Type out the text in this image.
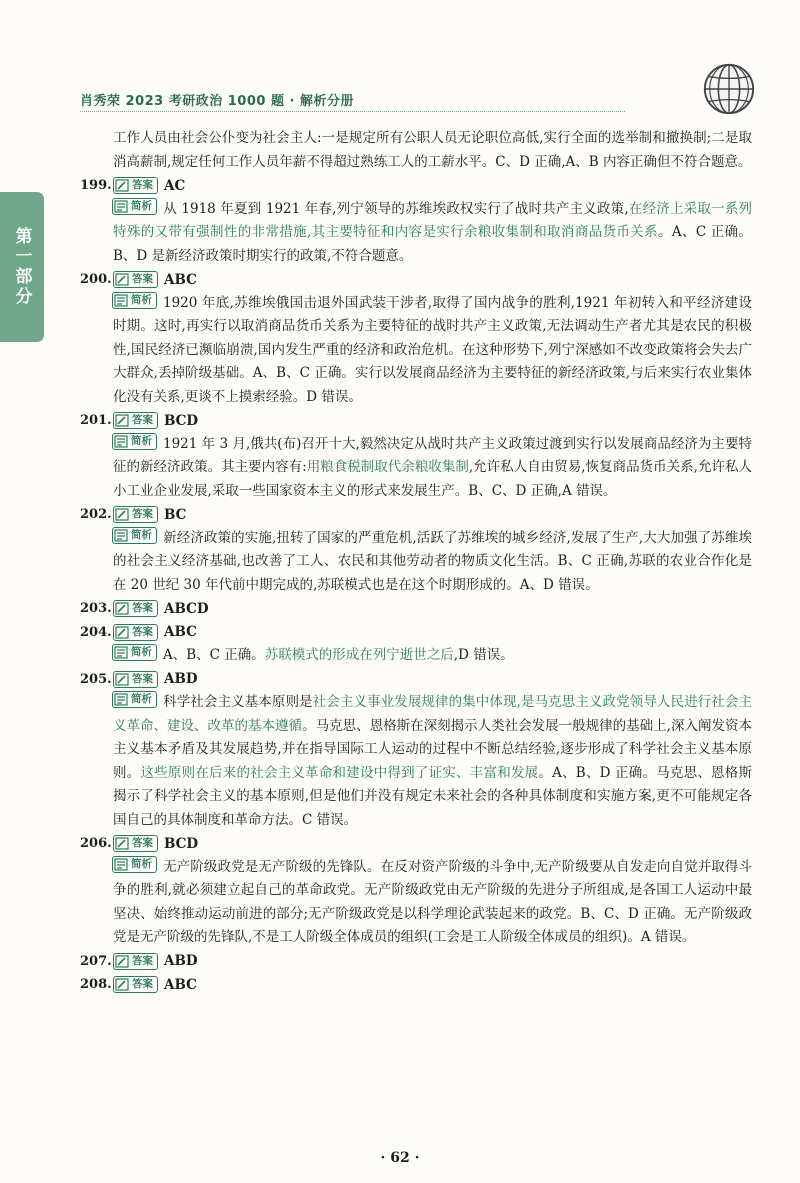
肖秀荣 2023 考研政治 1000 题 · 解析分册
第一部分

工作人员由社会公仆变为社会主人:一是规定所有公职人员无论职位高低,实行全面的选举制和撤换制;二是取消高薪制,规定任何工作人员年薪不得超过熟练工人的工薪水平。C、D 正确,A、B 内容正确但不符合题意。

199. 答案 AC

简析 从 1918 年夏到 1921 年春,列宁领导的苏维埃政权实行了战时共产主义政策,在经济上采取一系列特殊的又带有强制性的非常措施,其主要特征和内容是实行余粮收集制和取消商品货币关系。A、C 正确。B、D 是新经济政策时期实行的政策,不符合题意。

200. 答案 ABC

简析 1920 年底,苏维埃俄国击退外国武装干涉者,取得了国内战争的胜利,1921 年初转入和平经济建设时期。这时,再实行以取消商品货币关系为主要特征的战时共产主义政策,无法调动生产者尤其是农民的积极性,国民经济已濒临崩溃,国内发生严重的经济和政治危机。在这种形势下,列宁深感如不改变政策将会失去广大群众,丢掉阶级基础。A、B、C 正确。实行以发展商品经济为主要特征的新经济政策,与后来实行农业集体化没有关系,更谈不上摸索经验。D 错误。

201. 答案 BCD

简析 1921 年 3 月,俄共(布)召开十大,毅然决定从战时共产主义政策过渡到实行以发展商品经济为主要特征的新经济政策。其主要内容有:用粮食税制取代余粮收集制,允许私人自由贸易,恢复商品货币关系,允许私人小工业企业发展,采取一些国家资本主义的形式来发展生产。B、C、D 正确,A 错误。

202. 答案 BC

简析 新经济政策的实施,扭转了国家的严重危机,活跃了苏维埃的城乡经济,发展了生产,大大加强了苏维埃的社会主义经济基础,也改善了工人、农民和其他劳动者的物质文化生活。B、C 正确,苏联的农业合作化是在 20 世纪 30 年代前中期完成的,苏联模式也是在这个时期形成的。A、D 错误。

203. 答案 ABCD
204. 答案 ABC

简析 A、B、C 正确。苏联模式的形成在列宁逝世之后,D 错误。

205. 答案 ABD

简析 科学社会主义基本原则是社会主义事业发展规律的集中体现,是马克思主义政党领导人民进行社会主义革命、建设、改革的基本遵循。马克思、恩格斯在深刻揭示人类社会发展一般规律的基础上,深入阐发资本主义基本矛盾及其发展趋势,并在指导国际工人运动的过程中不断总结经验,逐步形成了科学社会主义基本原则。这些原则在后来的社会主义革命和建设中得到了证实、丰富和发展。A、B、D 正确。马克思、恩格斯揭示了科学社会主义的基本原则,但是他们并没有规定未来社会的各种具体制度和实施方案,更不可能规定各国自己的具体制度和革命方法。C 错误。

206. 答案 BCD

简析 无产阶级政党是无产阶级的先锋队。在反对资产阶级的斗争中,无产阶级要从自发走向自觉并取得斗争的胜利,就必须建立起自己的革命政党。无产阶级政党由无产阶级的先进分子所组成,是各国工人运动中最坚决、始终推动运动前进的部分;无产阶级政党是以科学理论武装起来的政党。B、C、D 正确。无产阶级政党是无产阶级的先锋队,不是工人阶级全体成员的组织(工会是工人阶级全体成员的组织)。A 错误。

207. 答案 ABD
208. 答案 ABC
· 62 ·
